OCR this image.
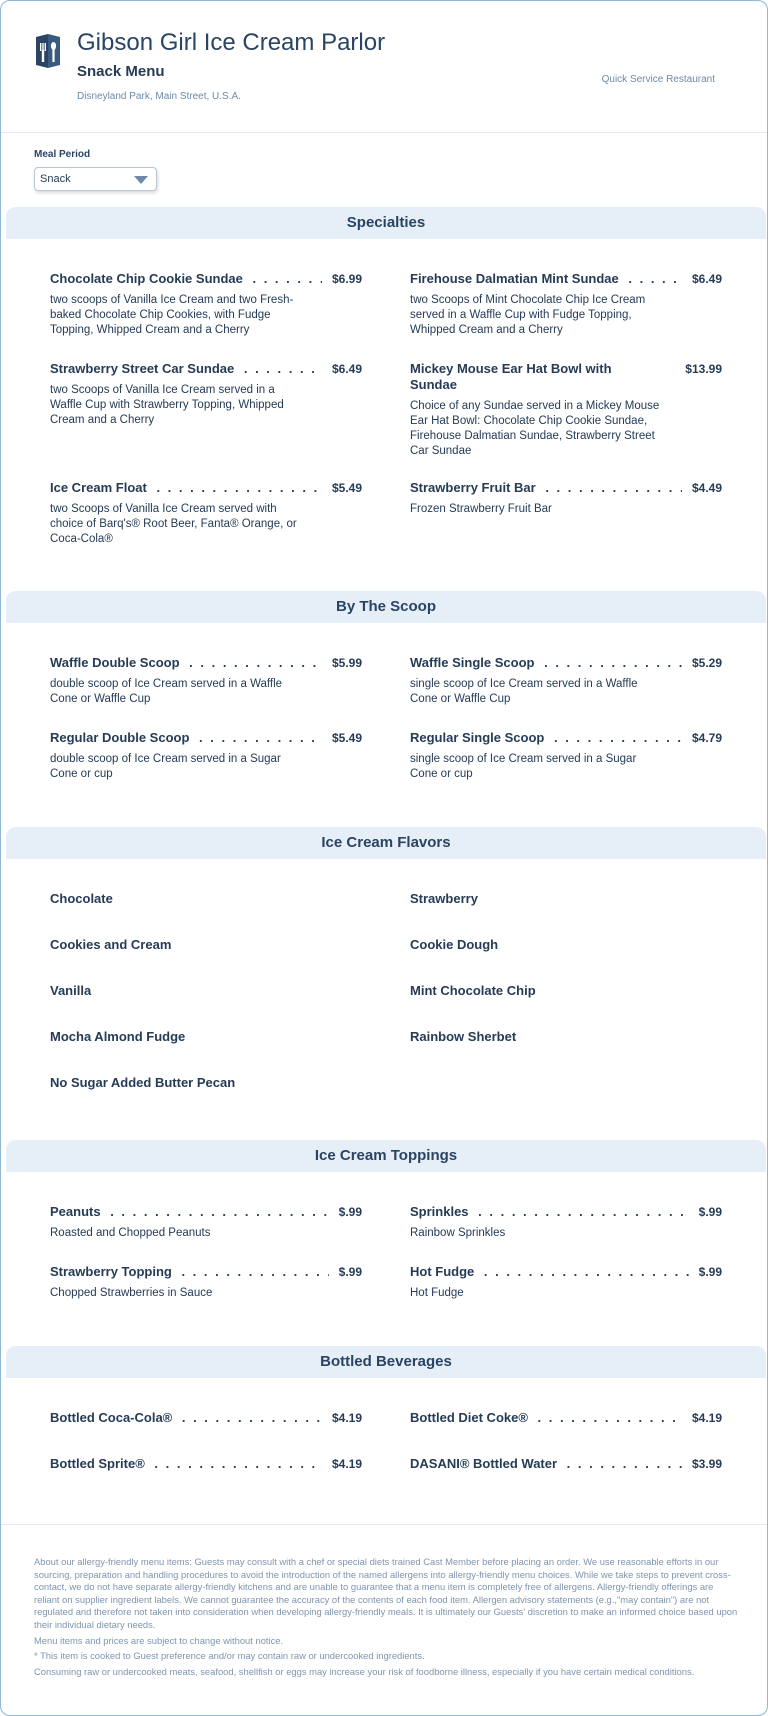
Gibson Girl Ice Cream Parlor
Snack Menu
Disneyland Park, Main Street, U.S.A.
Quick Service Restaurant
Meal Period
Snack
Specialties
Chocolate Chip Cookie Sundae . . .	$6.99
two scoops of Vanilla Ice Cream and two Fresh-baked Chocolate Chip Cookies, with Fudge Topping, Whipped Cream and a Cherry
Firehouse Dalmatian Mint Sundae . . .	$6.49
two Scoops of Mint Chocolate Chip Ice Cream served in a Waffle Cup with Fudge Topping, Whipped Cream and a Cherry
Strawberry Street Car Sundae . . .	$6.49
two Scoops of Vanilla Ice Cream served in a Waffle Cup with Strawberry Topping, Whipped Cream and a Cherry
Mickey Mouse Ear Hat Bowl with Sundae
$13.99
Choice of any Sundae served in a Mickey Mouse Ear Hat Bowl: Chocolate Chip Cookie Sundae, Firehouse Dalmatian Sundae, Strawberry Street Car Sundae
Ice Cream Float . . .	$5.49
two Scoops of Vanilla Ice Cream served with choice of Barq's® Root Beer, Fanta® Orange, or Coca-Cola®
Strawberry Fruit Bar . . .	$4.49
Frozen Strawberry Fruit Bar
By The Scoop
Waffle Double Scoop . . .	$5.99
double scoop of Ice Cream served in a Waffle Cone or Waffle Cup
Waffle Single Scoop . . .	$5.29
single scoop of Ice Cream served in a Waffle Cone or Waffle Cup
Regular Double Scoop . . .	$5.49
double scoop of Ice Cream served in a Sugar Cone or cup
Regular Single Scoop . . .	$4.79
single scoop of Ice Cream served in a Sugar Cone or cup
Ice Cream Flavors
Chocolate	Strawberry
Cookies and Cream	Cookie Dough
Vanilla	Mint Chocolate Chip
Mocha Almond Fudge	Rainbow Sherbet
No Sugar Added Butter Pecan
Ice Cream Toppings
Peanuts . . .	$.99
Roasted and Chopped Peanuts
Sprinkles . . .	$.99
Rainbow Sprinkles
Strawberry Topping . . .	$.99
Chopped Strawberries in Sauce
Hot Fudge . . .	$.99
Hot Fudge
Bottled Beverages
Bottled Coca-Cola® . . .	$4.19	Bottled Diet Coke® . . .	$4.19
Bottled Sprite® . . .	$4.19	DASANI® Bottled Water . . .	$3.99

About our allergy-friendly menu items: Guests may consult with a chef or special diets trained Cast Member before placing an order. We use reasonable efforts in our sourcing, preparation and handling procedures to avoid the introduction of the named allergens into allergy-friendly menu choices. While we take steps to prevent cross-contact, we do not have separate allergy-friendly kitchens and are unable to guarantee that a menu item is completely free of allergens. Allergy-friendly offerings are reliant on supplier ingredient labels. We cannot guarantee the accuracy of the contents of each food item. Allergen advisory statements (e.g.,"may contain") are not regulated and therefore not taken into consideration when developing allergy-friendly meals. It is ultimately our Guests' discretion to make an informed choice based upon their individual dietary needs.

Menu items and prices are subject to change without notice.

* This item is cooked to Guest preference and/or may contain raw or undercooked ingredients.

Consuming raw or undercooked meats, seafood, shellfish or eggs may increase your risk of foodborne illness, especially if you have certain medical conditions.
